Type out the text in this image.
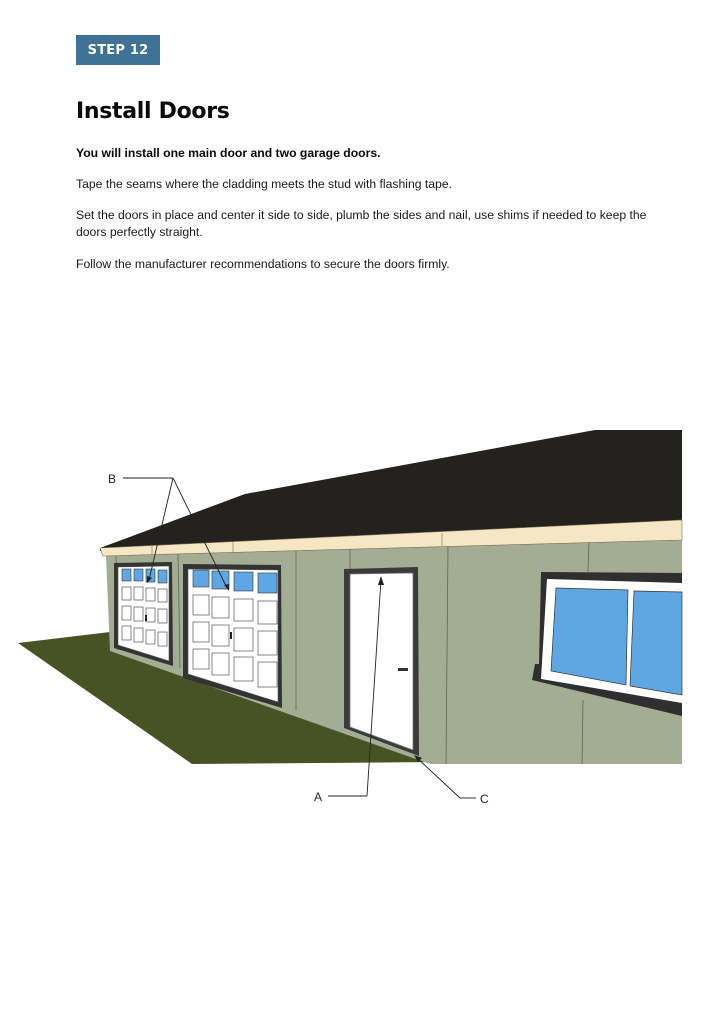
STEP 12
Install Doors
You will install one main door and two garage doors.
Tape the seams where the cladding meets the stud with flashing tape.
Set the doors in place and center it side to side, plumb the sides and nail, use shims if needed to keep the doors perfectly straight.
Follow the manufacturer recommendations to secure the doors firmly.
B
A	C
